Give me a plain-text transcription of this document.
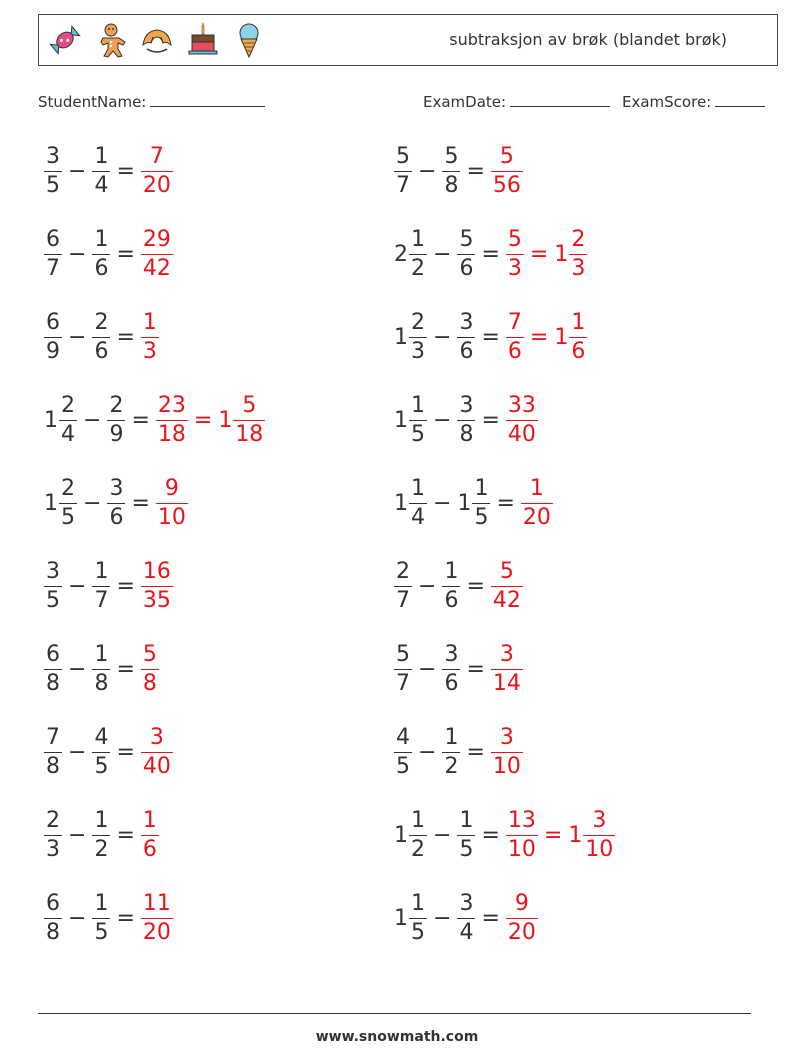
subtraksjon av brøk (blandet brøk)
StudentName:	ExamDate:	ExamScore:
$\frac{3}{5} - \frac{1}{4} = \frac{7}{20}$	$\frac{5}{7} - \frac{5}{8} = \frac{5}{56}$
$\frac{6}{7} - \frac{1}{6} = \frac{29}{42}$	$2 \frac{1}{2} - \frac{5}{6} = \frac{5}{3} = 1 \frac{2}{3}$
$\frac{6}{9} - \frac{2}{6} = \frac{1}{3}$	$1 \frac{2}{3} - \frac{3}{6} = \frac{7}{6} = 1 \frac{1}{6}$
$1 \frac{2}{4} - \frac{2}{9} = \frac{23}{18} = 1 \frac{5}{18}$	$1 \frac{1}{5} - \frac{3}{8} = \frac{33}{40}$
$1 \frac{2}{5} - \frac{3}{6} = \frac{9}{10}$	$1 \frac{1}{4} - 1 \frac{1}{5} = \frac{1}{20}$
$\frac{3}{5} - \frac{1}{7} = \frac{16}{35}$	$\frac{2}{7} - \frac{1}{6} = \frac{5}{42}$
$\frac{6}{8} - \frac{1}{8} = \frac{5}{8}$	$\frac{5}{7} - \frac{3}{6} = \frac{3}{14}$
$\frac{7}{8} - \frac{4}{5} = \frac{3}{40}$	$\frac{4}{5} - \frac{1}{2} = \frac{3}{10}$
$\frac{2}{3} - \frac{1}{2} = \frac{1}{6}$	$1 \frac{1}{2} - \frac{1}{5} = \frac{13}{10} = 1 \frac{3}{10}$
$\frac{6}{8} - \frac{1}{5} = \frac{11}{20}$	$1 \frac{1}{5} - \frac{3}{4} = \frac{9}{20}$
www.snowmath.com
